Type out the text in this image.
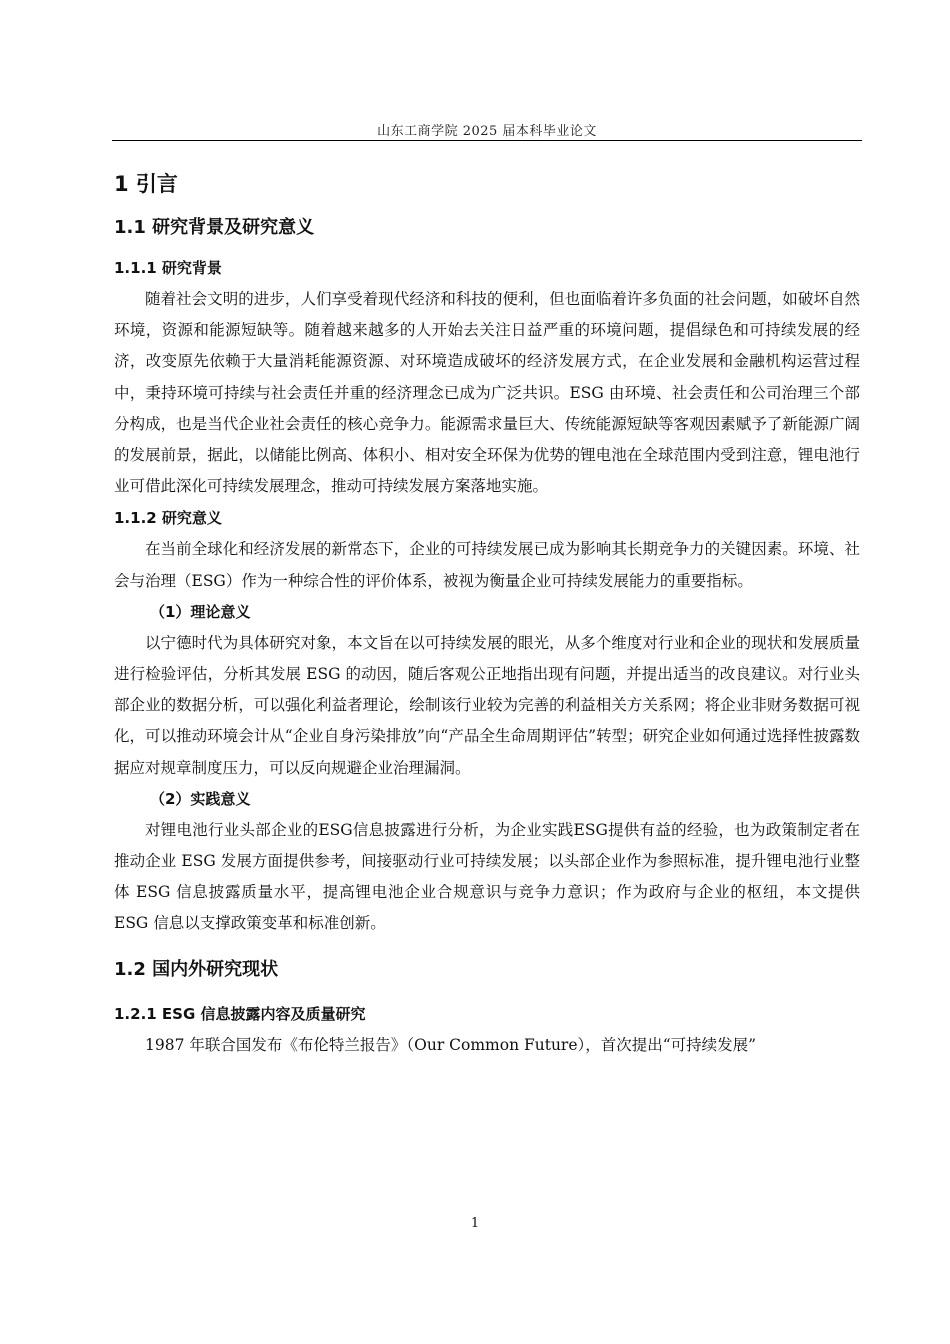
山东工商学院 2025 届本科毕业论文
1 引言
1.1 研究背景及研究意义
1.1.1 研究背景

随着社会文明的进步，人们享受着现代经济和科技的便利，但也面临着许多负面的社会问题，如破坏自然环境，资源和能源短缺等。随着越来越多的人开始去关注日益严重的环境问题，提倡绿色和可持续发展的经济，改变原先依赖于大量消耗能源资源、对环境造成破坏的经济发展方式，在企业发展和金融机构运营过程中，秉持环境可持续与社会责任并重的经济理念已成为广泛共识。ESG 由环境、社会责任和公司治理三个部分构成，也是当代企业社会责任的核心竞争力。能源需求量巨大、传统能源短缺等客观因素赋予了新能源广阔的发展前景，据此，以储能比例高、体积小、相对安全环保为优势的锂电池在全球范围内受到注意，锂电池行业可借此深化可持续发展理念，推动可持续发展方案落地实施。

1.1.2 研究意义

在当前全球化和经济发展的新常态下，企业的可持续发展已成为影响其长期竞争力的关键因素。环境、社会与治理（ESG）作为一种综合性的评价体系，被视为衡量企业可持续发展能力的重要指标。

（1）理论意义

以宁德时代为具体研究对象，本文旨在以可持续发展的眼光，从多个维度对行业和企业的现状和发展质量进行检验评估，分析其发展 ESG 的动因，随后客观公正地指出现有问题，并提出适当的改良建议。对行业头部企业的数据分析，可以强化利益者理论，绘制该行业较为完善的利益相关方关系网；将企业非财务数据可视化，可以推动环境会计从“企业自身污染排放”向“产品全生命周期评估”转型；研究企业如何通过选择性披露数据应对规章制度压力，可以反向规避企业治理漏洞。

（2）实践意义

对锂电池行业头部企业的ESG信息披露进行分析，为企业实践ESG提供有益的经验，也为政策制定者在推动企业 ESG 发展方面提供参考，间接驱动行业可持续发展；以头部企业作为参照标准，提升锂电池行业整体 ESG 信息披露质量水平，提高锂电池企业合规意识与竞争力意识；作为政府与企业的枢纽，本文提供 ESG 信息以支撑政策变革和标准创新。

1.2 国内外研究现状
1.2.1 ESG 信息披露内容及质量研究

1987 年联合国发布《布伦特兰报告》（Our Common Future），首次提出“可持续发展”

1
